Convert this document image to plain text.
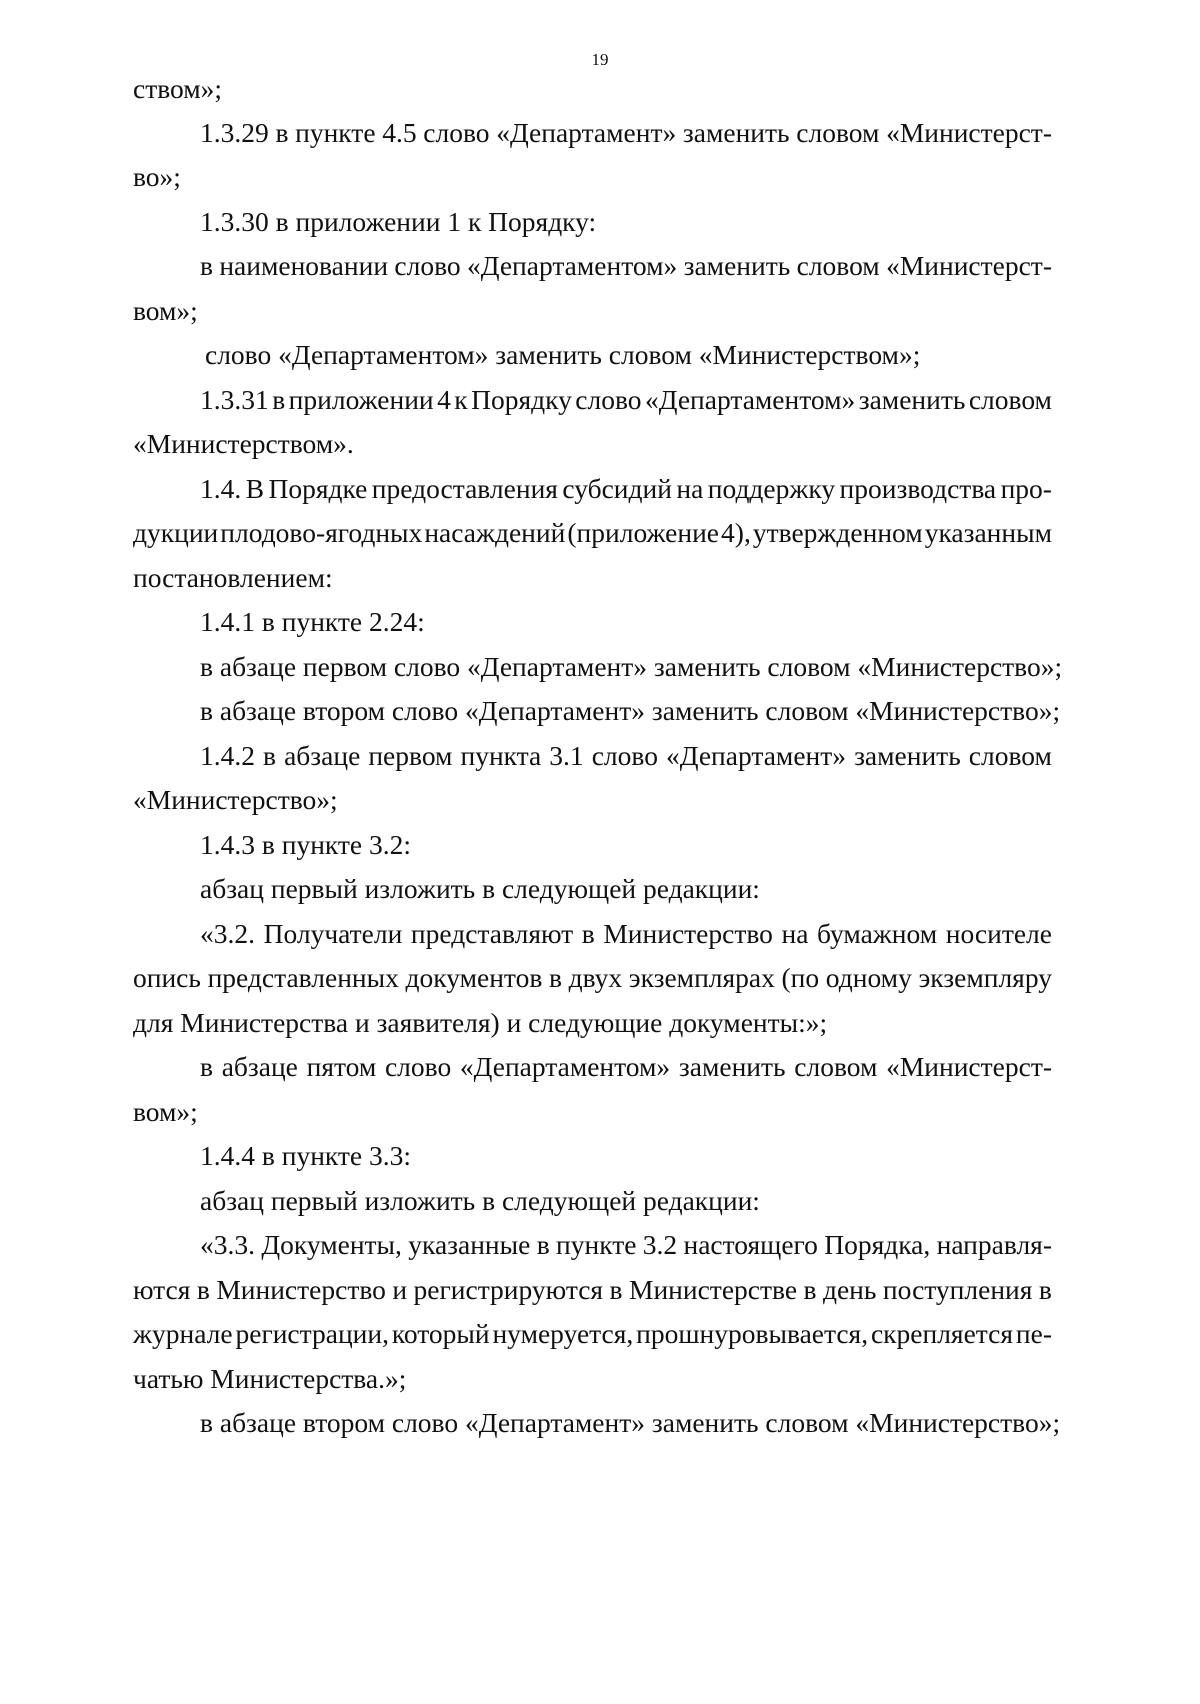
19
ством»;
1.3.29 в пункте 4.5 слово «Департамент» заменить словом «Министерст-
во»;
1.3.30 в приложении 1 к Порядку:
в наименовании слово «Департаментом» заменить словом «Министерст-
вом»;
слово «Департаментом» заменить словом «Министерством»;
1.3.31 в приложении 4 к Порядку слово «Департаментом» заменить словом
«Министерством».
1.4. В Порядке предоставления субсидий на поддержку производства про-
дукции плодово-ягодных насаждений (приложение 4), утвержденном указанным
постановлением:
1.4.1 в пункте 2.24:
в абзаце первом слово «Департамент» заменить словом «Министерство»;
в абзаце втором слово «Департамент» заменить словом «Министерство»;
1.4.2 в абзаце первом пункта 3.1 слово «Департамент» заменить словом
«Министерство»;
1.4.3 в пункте 3.2:
абзац первый изложить в следующей редакции:
«3.2. Получатели представляют в Министерство на бумажном носителе
опись представленных документов в двух экземплярах (по одному экземпляру
для Министерства и заявителя) и следующие документы:»;
в абзаце пятом слово «Департаментом» заменить словом «Министерст-
вом»;
1.4.4 в пункте 3.3:
абзац первый изложить в следующей редакции:
«3.3. Документы, указанные в пункте 3.2 настоящего Порядка, направля-
ются в Министерство и регистрируются в Министерстве в день поступления в
журнале регистрации, который нумеруется, прошнуровывается, скрепляется пе-
чатью Министерства.»;
в абзаце втором слово «Департамент» заменить словом «Министерство»;
